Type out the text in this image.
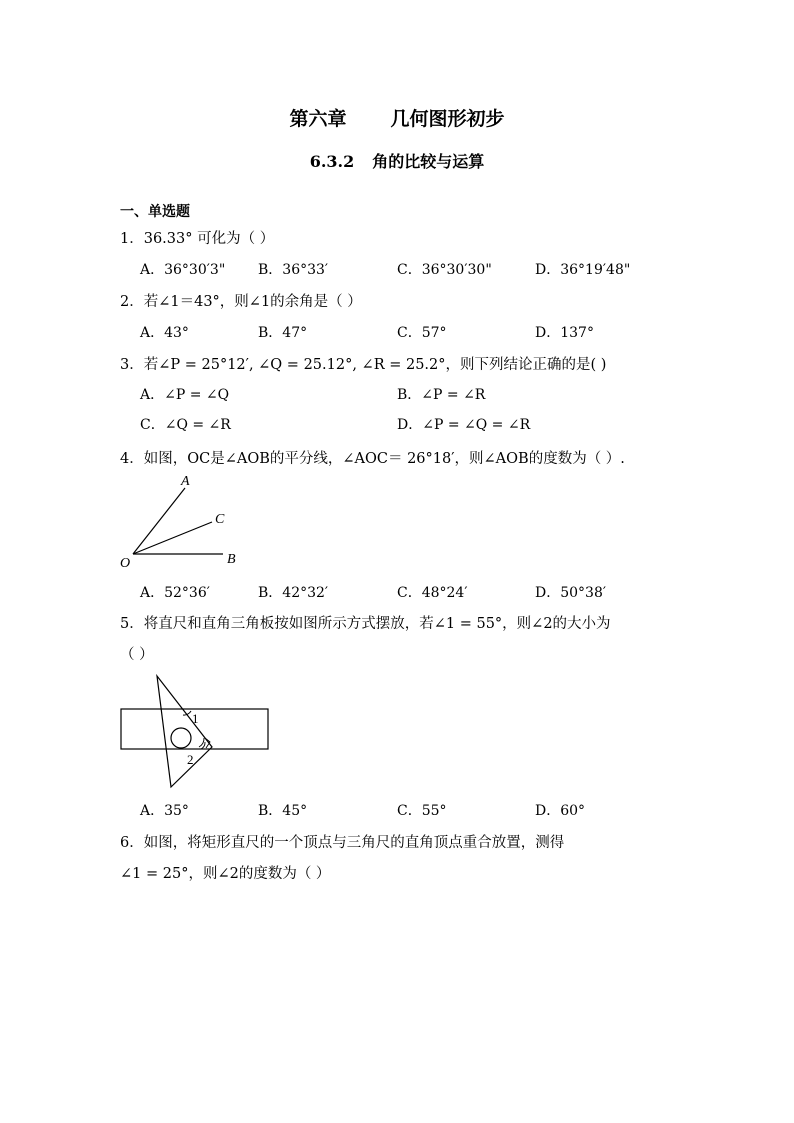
第六章 几何图形初步
6.3.2 角的比较与运算
一、单选题
1．36.33° 可化为（ ）
A．36°30′3" B．36°33′	C．36°30′30"	D．36°19′48"
2．若∠1＝43°，则∠1的余角是（ ）
A．43°	B．47°	C．57°	D．137°
3．若∠P = 25°12′, ∠Q = 25.12°, ∠R = 25.2°，则下列结论正确的是( )
A．∠P = ∠Q	B．∠P = ∠R
C．∠Q = ∠R	D．∠P = ∠Q = ∠R
4．如图，OC是∠AOB的平分线，∠AOC＝ 26°18′，则∠AOB的度数为（ ）.
A
C
O	B
A．52°36′	B．42°32′	C．48°24′	D．50°38′
5．将直尺和直角三角板按如图所示方式摆放，若∠1 = 55°，则∠2的大小为
（ ）
1
2
A．35°	B．45°	C．55°	D．60°
6．如图，将矩形直尺的一个顶点与三角尺的直角顶点重合放置，测得
∠1 = 25°，则∠2的度数为（ ）
